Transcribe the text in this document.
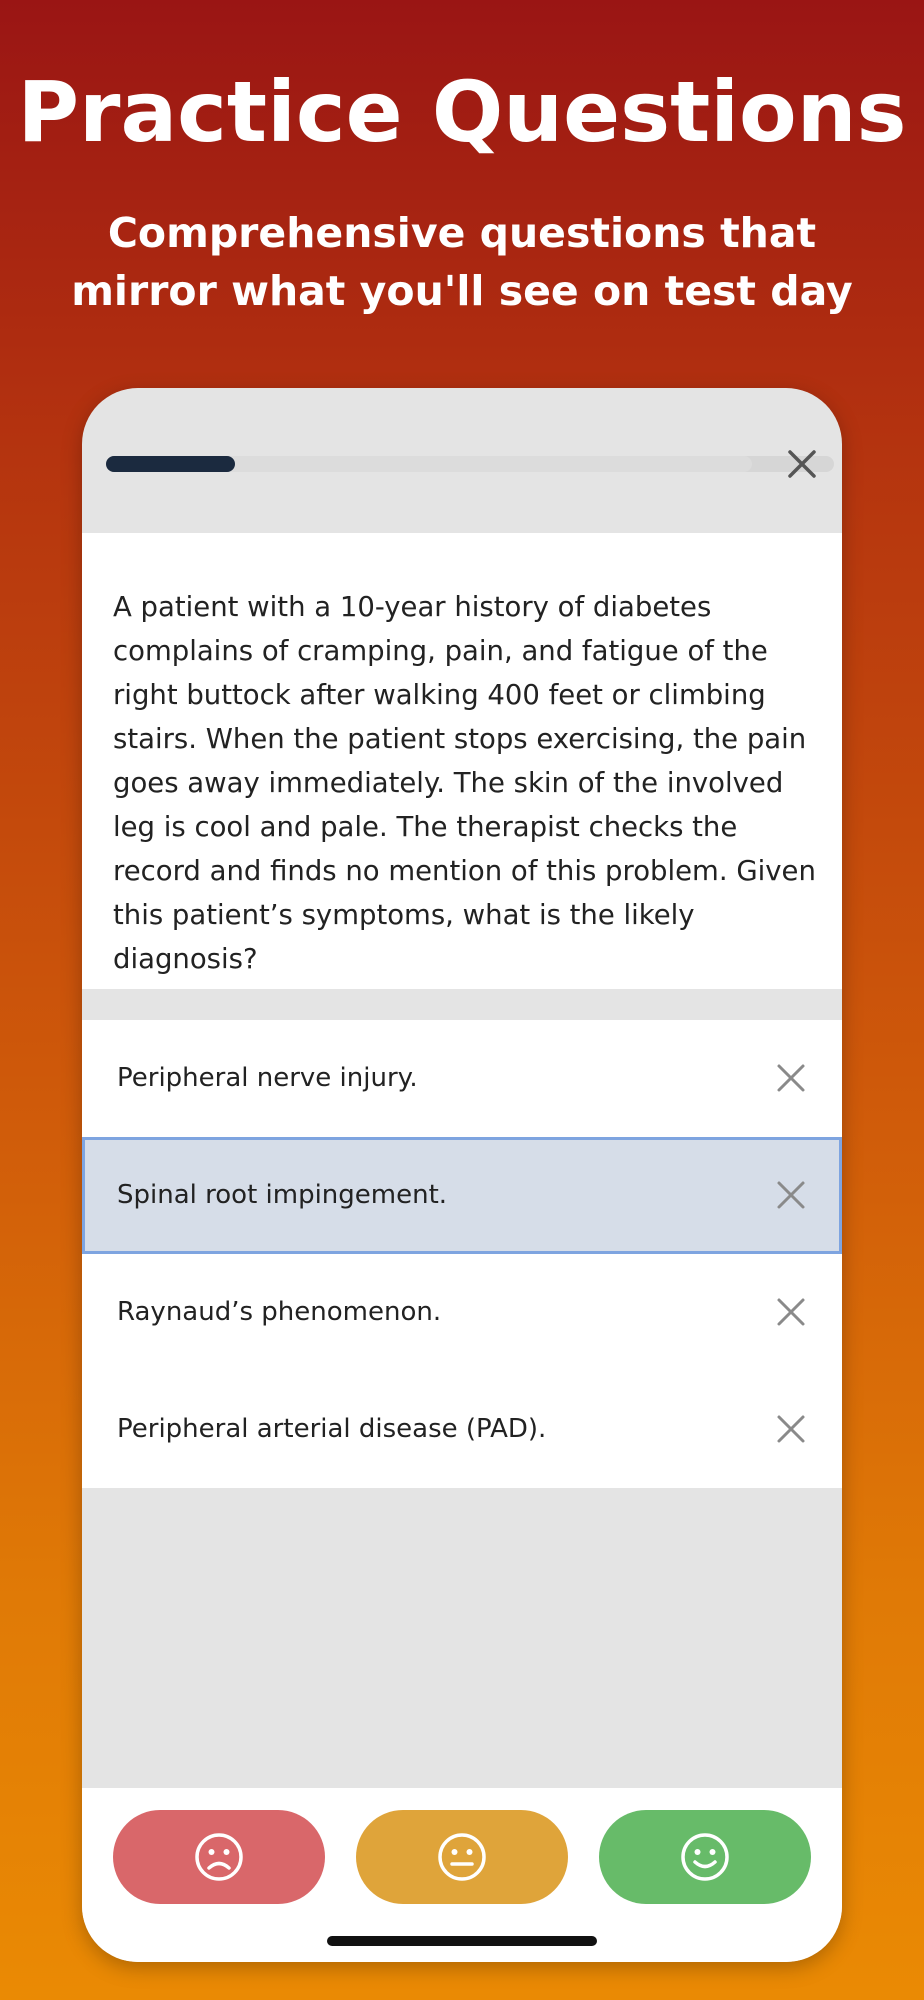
Practice Questions
Comprehensive questions that mirror what you'll see on test day
A patient with a 10-year history of diabetes complains of cramping, pain, and fatigue of the right buttock after walking 400 feet or climbing stairs. When the patient stops exercising, the pain goes away immediately. The skin of the involved leg is cool and pale. The therapist checks the record and finds no mention of this problem. Given this patient’s symptoms, what is the likely diagnosis?
Peripheral nerve injury.
Spinal root impingement.
Raynaud’s phenomenon.
Peripheral arterial disease (PAD).
